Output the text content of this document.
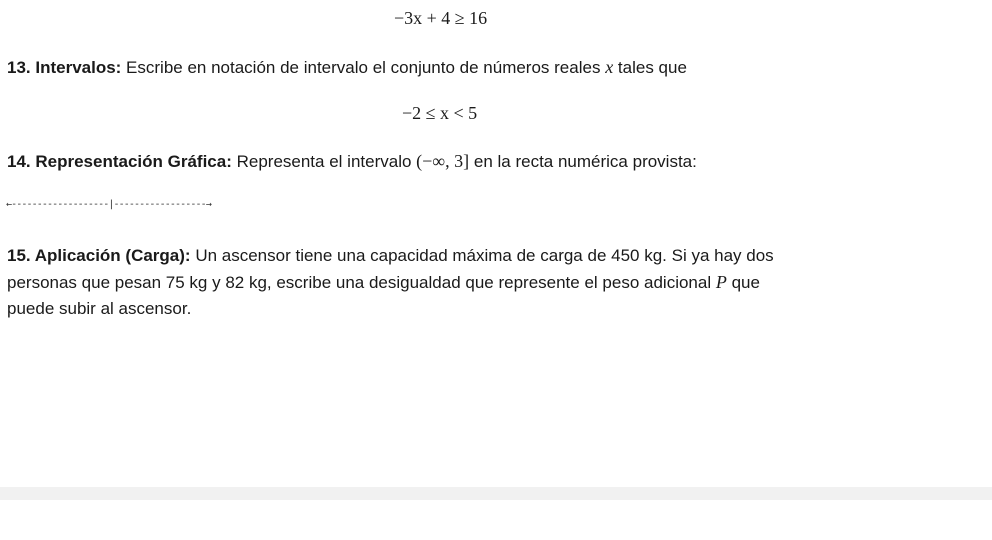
−3x + 4 ≥ 16
13. Intervalos: Escribe en notación de intervalo el conjunto de números reales x tales que
−2 ≤ x < 5
14. Representación Gráfica: Representa el intervalo (−∞, 3] en la recta numérica provista:
←-------------------|------------------→
15. Aplicación (Carga): Un ascensor tiene una capacidad máxima de carga de 450 kg. Si ya hay dos
personas que pesan 75 kg y 82 kg, escribe una desigualdad que represente el peso adicional P que
puede subir al ascensor.
